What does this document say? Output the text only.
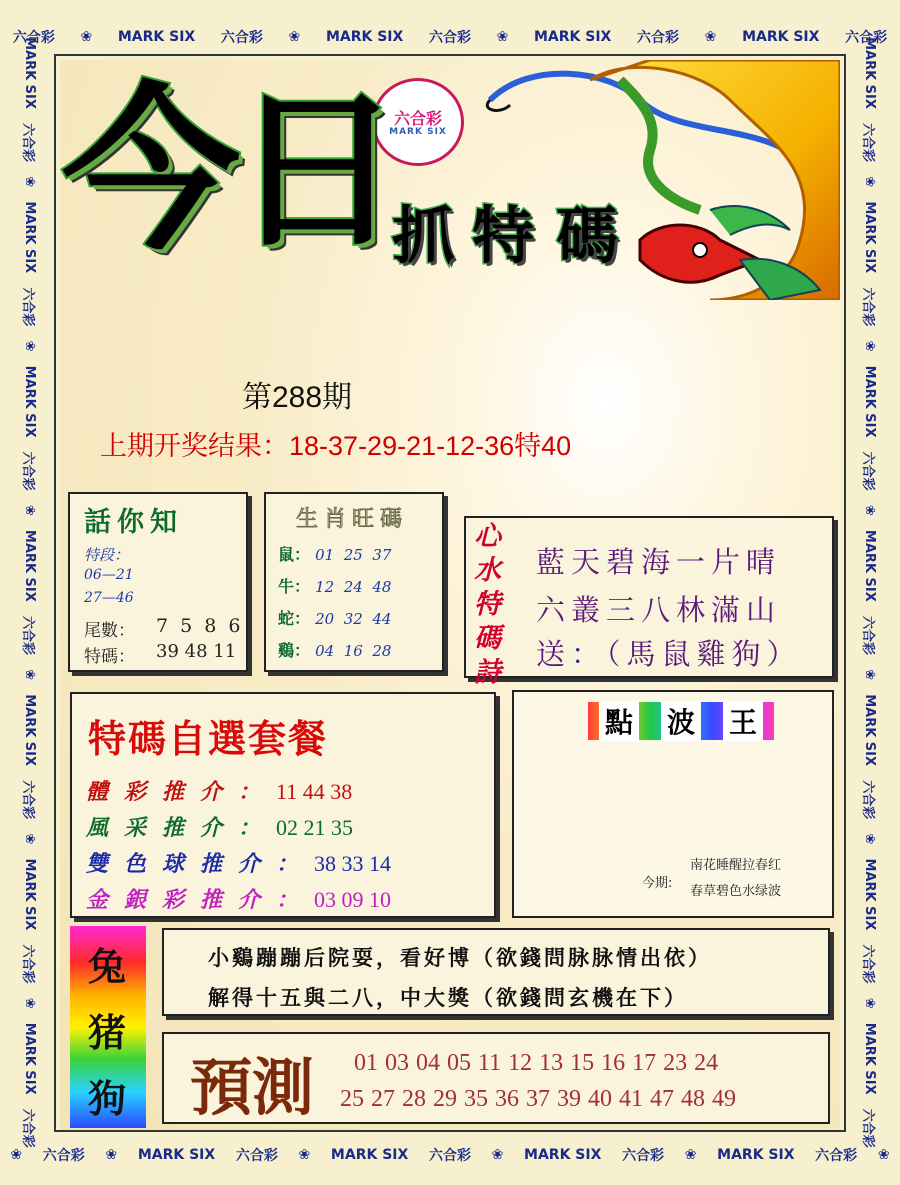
六合彩 ❀ MARK SIX 六合彩 ❀ MARK SIX 六合彩 ❀ MARK SIX 六合彩 ❀ MARK SIX 六合彩
❀ 六合彩 ❀ MARK SIX 六合彩 ❀ MARK SIX 六合彩 ❀ MARK SIX 六合彩 ❀ MARK SIX 六合彩 ❀
MARK SIX
六合彩
❀
MARK SIX
六合彩
❀
MARK SIX
六合彩
❀
MARK SIX
六合彩
❀
MARK SIX
六合彩
❀
MARK SIX
六合彩
❀
MARK SIX
六合彩
MARK SIX
六合彩
❀
MARK SIX
六合彩
❀
MARK SIX
六合彩
❀
MARK SIX
六合彩
❀
MARK SIX
六合彩
❀
MARK SIX
六合彩
❀
MARK SIX
六合彩
六合彩
MARK SIX
今
日
抓 特 碼
第288期
上期开奖结果：18-37-29-21-12-36特40
話你知
特段：
06—21
27—46
尾數： 7 5 8 6
特碼： 39 48 11
生肖旺碼
鼠： 01  25  37
牛： 12  24  48
蛇： 20  32  44
鷄： 04  16  28
心
水
特
碼
詩
藍天碧海一片晴
六叢三八林滿山
送：（馬鼠雞狗）
特碼自選套餐
體彩推介：11 44 38
風采推介：02 21 35
雙色球推介：38 33 14
金銀彩推介：03 09 10
點 波 王
今期:
南花睡醒拉春红
春草碧色水绿波
兔
猪
狗
小鷄蹦蹦后院耍，看好博（欲錢問脉脉情出依）
解得十五與二八，中大獎（欲錢問玄機在下）
預測 01 03 04 05 11 12 13 15 16 17 23 24
25 27 28 29 35 36 37 39 40 41 47 48 49
